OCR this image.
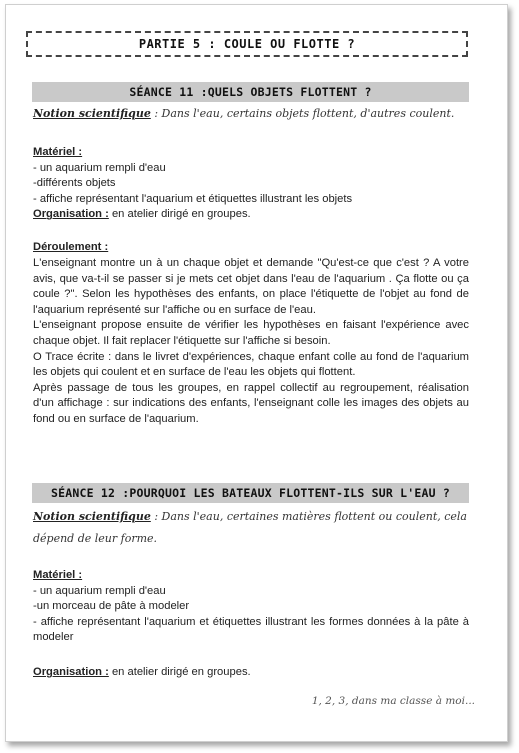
PARTIE 5 : COULE OU FLOTTE ?
SÉANCE 11 :QUELS OBJETS FLOTTENT ?
Notion scientifique : Dans l'eau, certains objets flottent, d'autres coulent.
Matériel :
- un aquarium rempli d'eau
-différents objets
- affiche représentant l'aquarium et étiquettes illustrant les objets
Organisation : en atelier dirigé en groupes.
Déroulement :
L'enseignant montre un à un chaque objet et demande "Qu'est-ce que c'est ? A votre avis, que va-t-il se passer si je mets cet objet dans l'eau de l'aquarium . Ça flotte ou ça coule ?". Selon les hypothèses des enfants, on place l'étiquette de l'objet au fond de l'aquarium représenté sur l'affiche ou en surface de l'eau.
L'enseignant propose ensuite de vérifier les hypothèses en faisant l'expérience avec chaque objet. Il fait replacer l'étiquette sur l'affiche si besoin.
O Trace écrite : dans le livret d'expériences, chaque enfant colle au fond de l'aquarium les objets qui coulent et en surface de l'eau les objets qui flottent.
Après passage de tous les groupes, en rappel collectif au regroupement, réalisation d'un affichage : sur indications des enfants, l'enseignant colle les images des objets au fond ou en surface de l'aquarium.
SÉANCE 12 :POURQUOI LES BATEAUX FLOTTENT-ILS SUR L'EAU ?
Notion scientifique : Dans l'eau, certaines matières flottent ou coulent, cela dépend de leur forme.
Matériel :
- un aquarium rempli d'eau
-un morceau de pâte à modeler
- affiche représentant l'aquarium et étiquettes illustrant les formes données à la pâte à modeler
Organisation : en atelier dirigé en groupes.
1, 2, 3, dans ma classe à moi...
